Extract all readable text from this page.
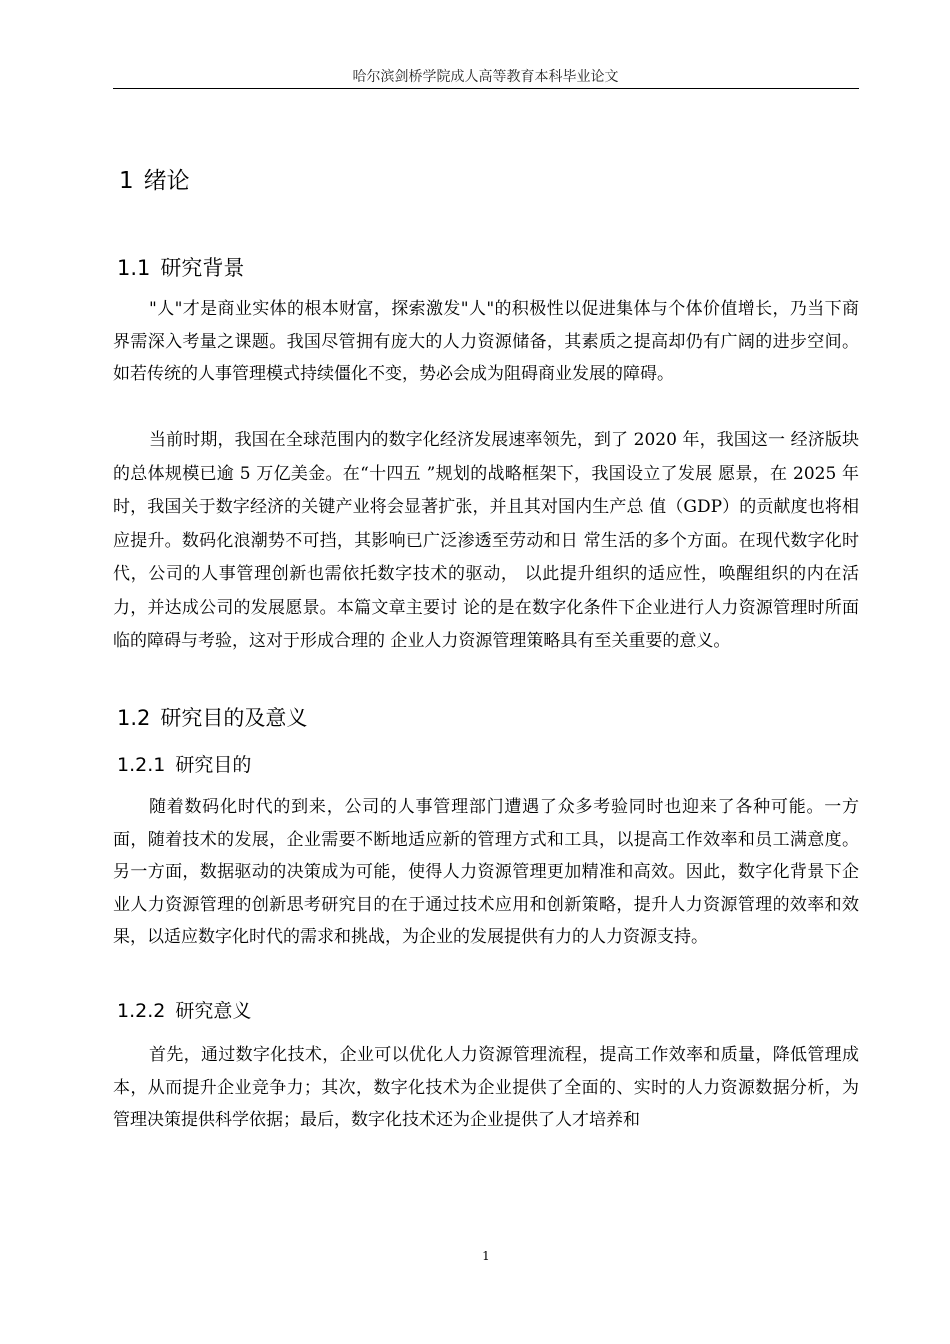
哈尔滨剑桥学院成人高等教育本科毕业论文
1 绪论
1.1 研究背景

"人"才是商业实体的根本财富，探索激发"人"的积极性以促进集体与个体价值增长，乃当下商界需深入考量之课题。我国尽管拥有庞大的人力资源储备，其素质之提高却仍有广阔的进步空间。如若传统的人事管理模式持续僵化不变，势必会成为阻碍商业发展的障碍。

当前时期，我国在全球范围内的数字化经济发展速率领先，到了 2020 年，我国这一 经济版块的总体规模已逾 5 万亿美金。在“十四五 ”规划的战略框架下，我国设立了发展 愿景，在 2025 年时，我国关于数字经济的关键产业将会显著扩张，并且其对国内生产总 值（GDP）的贡献度也将相应提升。数码化浪潮势不可挡，其影响已广泛渗透至劳动和日 常生活的多个方面。在现代数字化时代，公司的人事管理创新也需依托数字技术的驱动， 以此提升组织的适应性，唤醒组织的内在活力，并达成公司的发展愿景。本篇文章主要讨 论的是在数字化条件下企业进行人力资源管理时所面临的障碍与考验，这对于形成合理的 企业人力资源管理策略具有至关重要的意义。

1.2 研究目的及意义
1.2.1 研究目的

随着数码化时代的到来，公司的人事管理部门遭遇了众多考验同时也迎来了各种可能。一方面，随着技术的发展，企业需要不断地适应新的管理方式和工具，以提高工作效率和员工满意度。另一方面，数据驱动的决策成为可能，使得人力资源管理更加精准和高效。因此，数字化背景下企业人力资源管理的创新思考研究目的在于通过技术应用和创新策略，提升人力资源管理的效率和效果，以适应数字化时代的需求和挑战，为企业的发展提供有力的人力资源支持。

1.2.2 研究意义

首先，通过数字化技术，企业可以优化人力资源管理流程，提高工作效率和质量，降低管理成本，从而提升企业竞争力；其次，数字化技术为企业提供了全面的、实时的人力资源数据分析，为管理决策提供科学依据；最后，数字化技术还为企业提供了人才培养和

1
